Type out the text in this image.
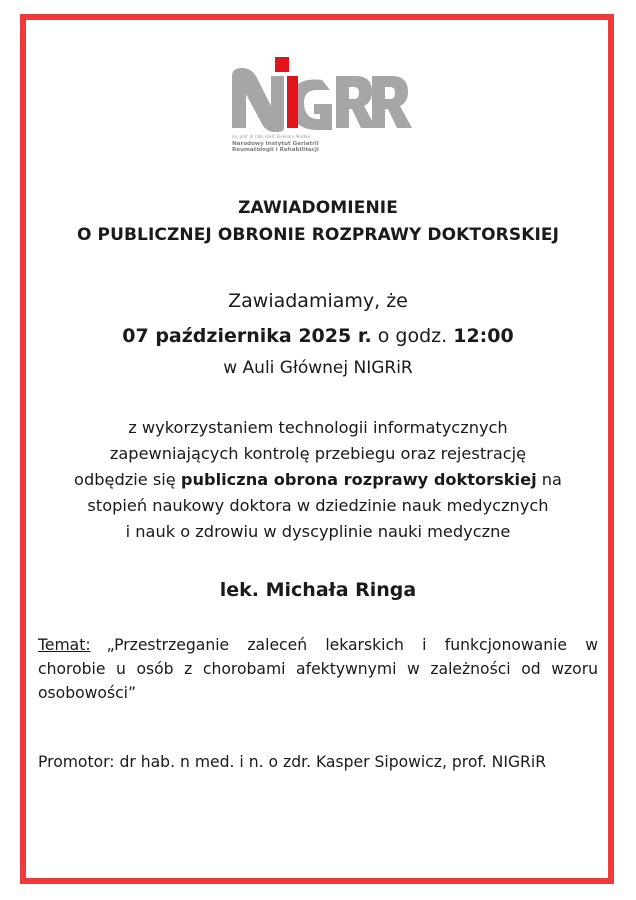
im. prof. dr hab. med. Eleonory Reicher
Narodowy Instytut Geriatrii
Reumatologii i Rehabilitacji
ZAWIADOMIENIE
O PUBLICZNEJ OBRONIE ROZPRAWY DOKTORSKIEJ
Zawiadamiamy, że
07 października 2025 r. o godz. 12:00
w Auli Głównej NIGRiR
z wykorzystaniem technologii informatycznych
zapewniających kontrolę przebiegu oraz rejestrację
odbędzie się publiczna obrona rozprawy doktorskiej na
stopień naukowy doktora w dziedzinie nauk medycznych
i nauk o zdrowiu w dyscyplinie nauki medyczne
lek. Michała Ringa
Temat: „Przestrzeganie zaleceń lekarskich i funkcjonowanie w chorobie u osób z chorobami afektywnymi w zależności od wzoru osobowości”
Promotor: dr hab. n med. i n. o zdr. Kasper Sipowicz, prof. NIGRiR
